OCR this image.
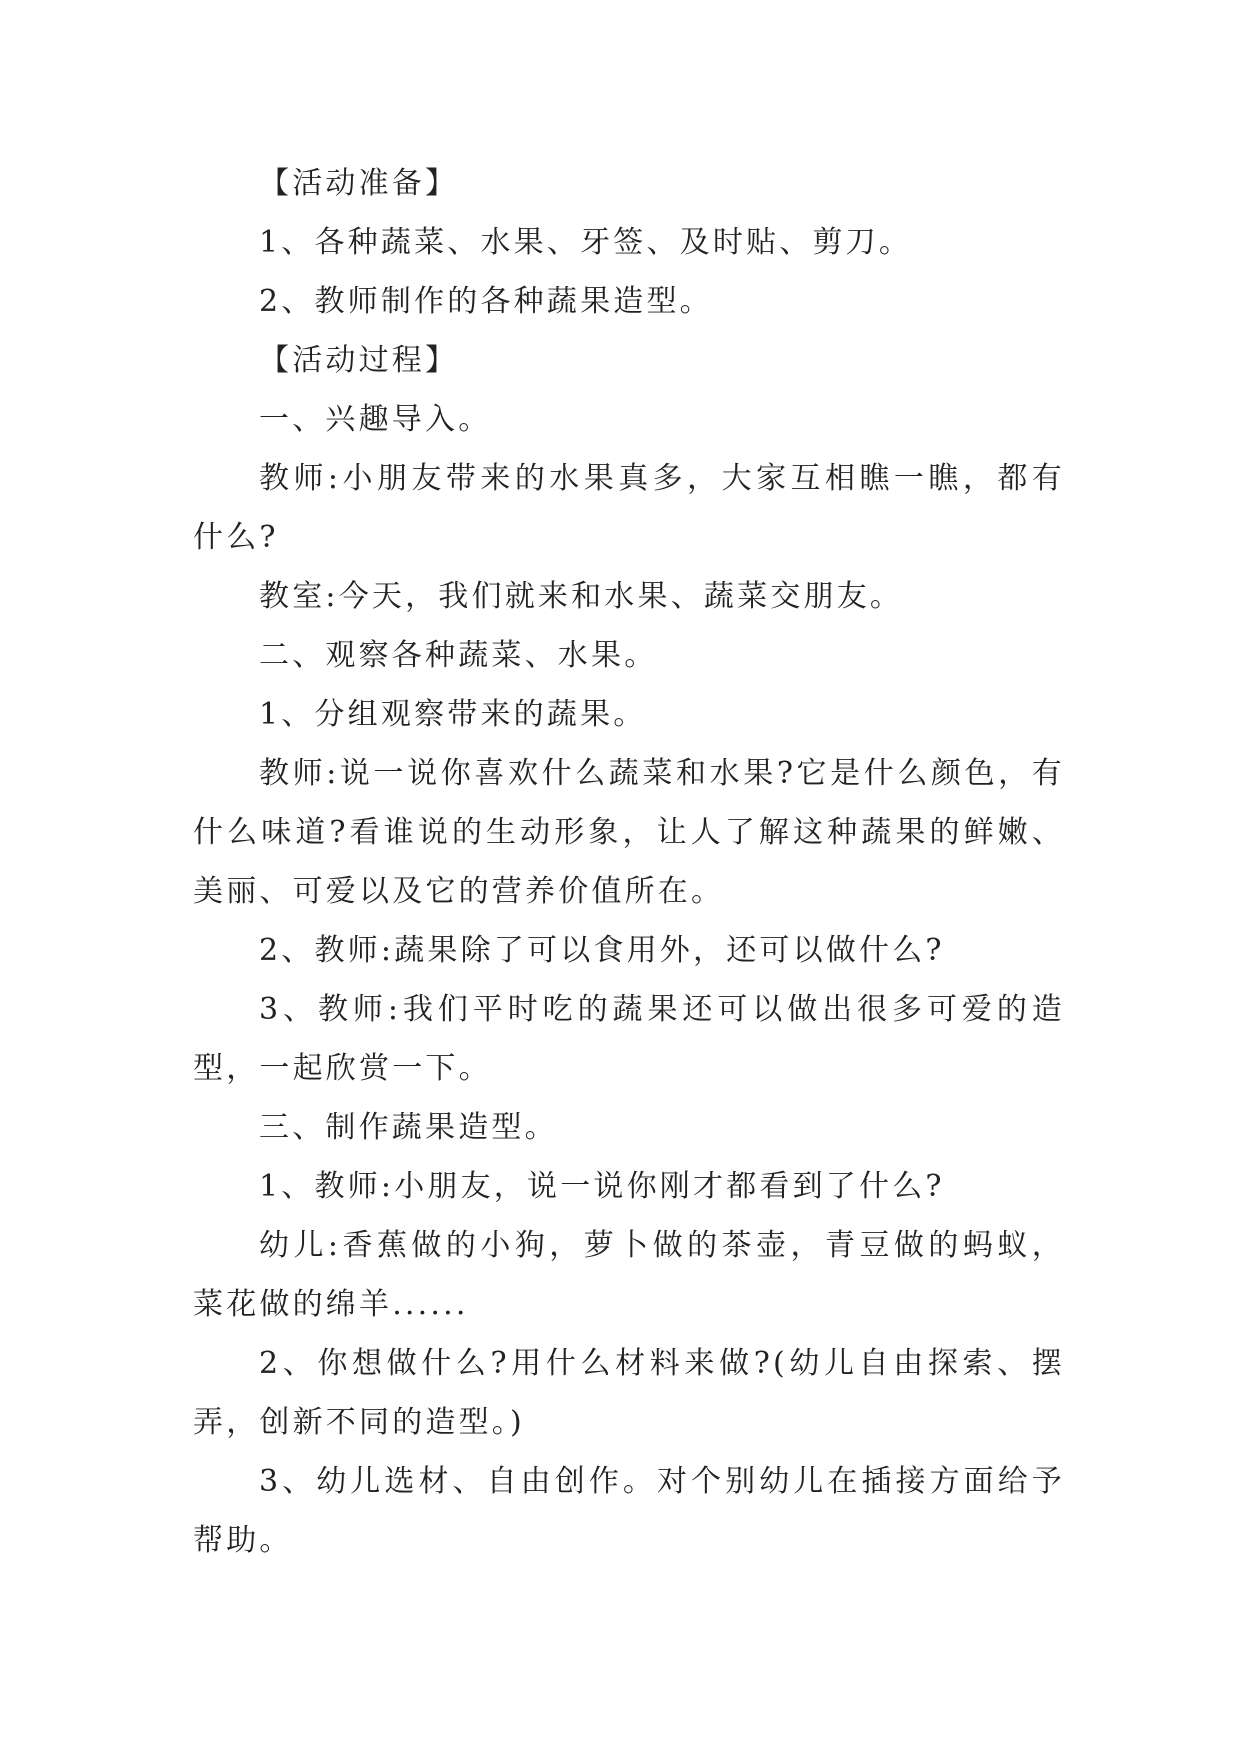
【活动准备】

1、各种蔬菜、水果、牙签、及时贴、剪刀。

2、教师制作的各种蔬果造型。

【活动过程】

一、兴趣导入。

教师:小朋友带来的水果真多，大家互相瞧一瞧，都有什么?

教室:今天，我们就来和水果、蔬菜交朋友。

二、观察各种蔬菜、水果。

1、分组观察带来的蔬果。

教师:说一说你喜欢什么蔬菜和水果?它是什么颜色，有什么味道?看谁说的生动形象，让人了解这种蔬果的鲜嫩、美丽、可爱以及它的营养价值所在。

2、教师:蔬果除了可以食用外，还可以做什么?

3、教师:我们平时吃的蔬果还可以做出很多可爱的造型，一起欣赏一下。

三、制作蔬果造型。

1、教师:小朋友，说一说你刚才都看到了什么?

幼儿:香蕉做的小狗，萝卜做的茶壶，青豆做的蚂蚁，菜花做的绵羊......

2、你想做什么?用什么材料来做?(幼儿自由探索、摆弄，创新不同的造型。)

3、幼儿选材、自由创作。对个别幼儿在插接方面给予帮助。
